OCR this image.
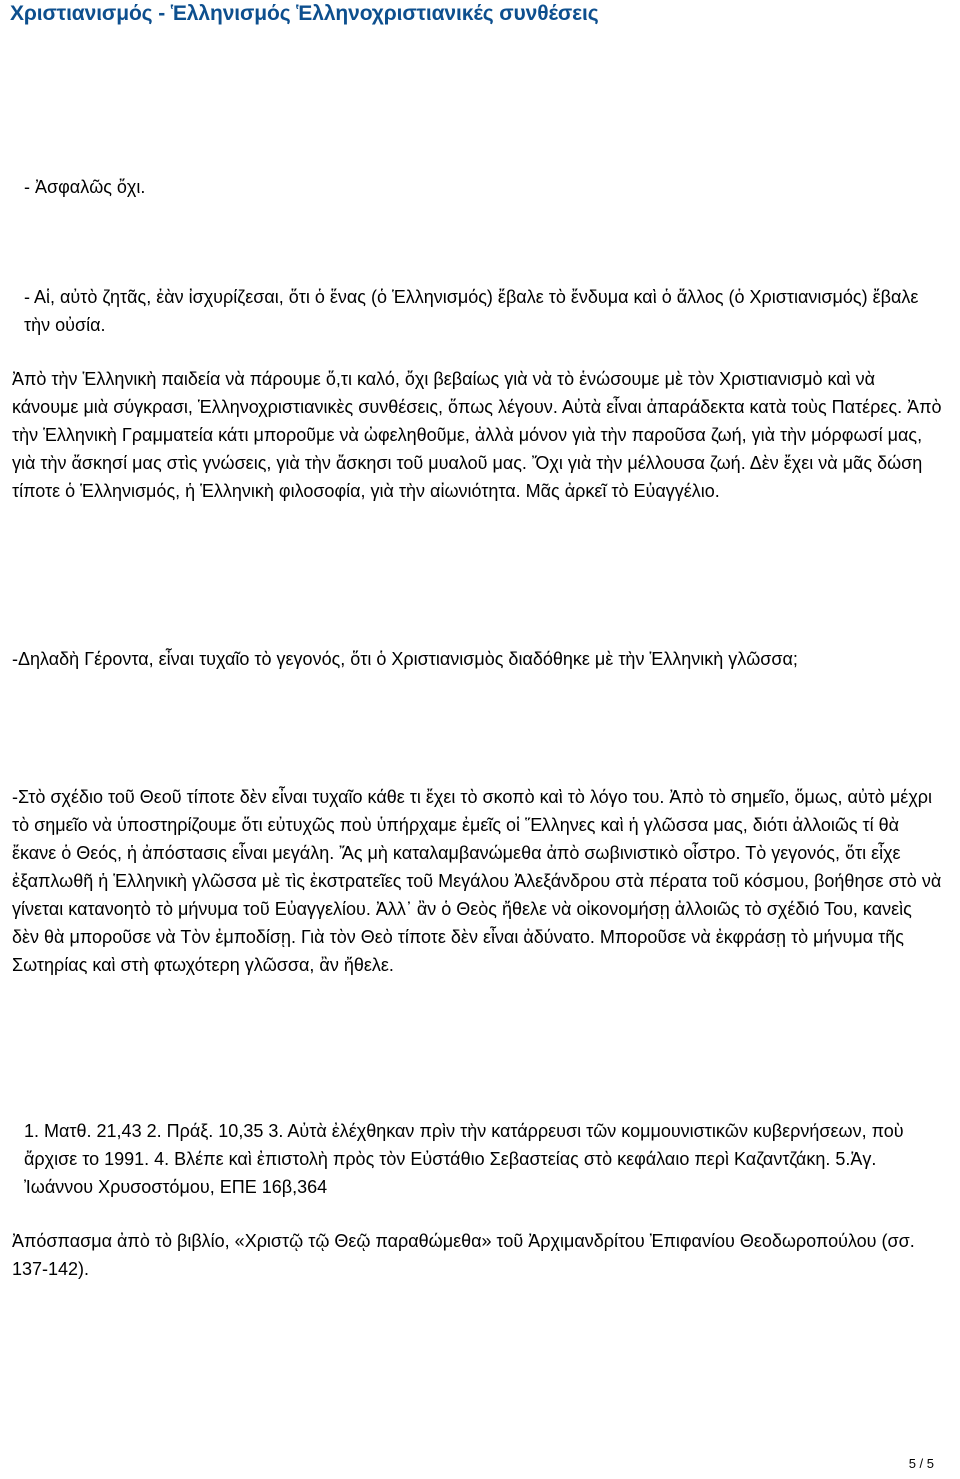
Χριστιανισμός - Ἑλληνισμός Ἑλληνοχριστιανικές συνθέσεις

- Ἀσφαλῶς ὄχι.

- Αἱ, αὐτὸ ζητᾶς, ἐὰν ἰσχυρίζεσαι, ὅτι ὁ ἕνας (ὁ Ἑλληνισμός) ἔβαλε τὸ ἔνδυμα καὶ ὁ ἄλλος (ὁ Χριστιανισμός) ἔβαλε τὴν οὐσία.

Ἀπὸ τὴν Ἑλληνικὴ παιδεία νὰ πάρουμε ὅ,τι καλό, ὄχι βεβαίως γιὰ νὰ τὸ ἑνώσουμε μὲ τὸν Χριστιανισμὸ καὶ νὰ κάνουμε μιὰ σύγκρασι, Ἑλληνοχριστιανικὲς συνθέσεις, ὅπως λέγουν. Αὐτὰ εἶναι ἀπαράδεκτα κατὰ τοὺς Πατέρες. Ἀπὸ τὴν Ἑλληνικὴ Γραμματεία κάτι μποροῦμε νὰ ὠφεληθοῦμε, ἀλλὰ μόνον γιὰ τὴν παροῦσα ζωή, γιὰ τὴν μόρφωσί μας, γιὰ τὴν ἄσκησί μας στὶς γνώσεις, γιὰ τὴν ἄσκησι τοῦ μυαλοῦ μας. Ὄχι γιὰ τὴν μέλλουσα ζωή. Δὲν ἔχει νὰ μᾶς δώση τίποτε ὁ Ἑλληνισμός, ἡ Ἑλληνικὴ φιλοσοφία, γιὰ τὴν αἰωνιότητα. Μᾶς ἀρκεῖ τὸ Εὐαγγέλιο.

-Δηλαδὴ Γέροντα, εἶναι τυχαῖο τὸ γεγονός, ὅτι ὁ Χριστιανισμὸς διαδόθηκε μὲ τὴν Ἑλληνικὴ γλῶσσα;

-Στὸ σχέδιο τοῦ Θεοῦ τίποτε δὲν εἶναι τυχαῖο κάθε τι ἔχει τὸ σκοπὸ καὶ τὸ λόγο του. Ἀπὸ τὸ σημεῖο, ὅμως, αὐτὸ μέχρι τὸ σημεῖο νὰ ὑποστηρίζουμε ὅτι εὐτυχῶς ποὺ ὑπήρχαμε ἐμεῖς οἱ Ἕλληνες καὶ ἡ γλῶσσα μας, διότι ἀλλοιῶς τί θὰ ἔκανε ὁ Θεός, ἡ ἀπόστασις εἶναι μεγάλη. Ἄς μὴ καταλαμβανώμεθα ἀπὸ σωβινιστικὸ οἶστρο. Τὸ γεγονός, ὅτι εἶχε ἐξαπλωθῆ ἡ Ἑλληνικὴ γλῶσσα μὲ τὶς ἐκστρατεῖες τοῦ Μεγάλου Ἀλεξάνδρου στὰ πέρατα τοῦ κόσμου, βοήθησε στὸ νὰ γίνεται κατανοητὸ τὸ μήνυμα τοῦ Εὐαγγελίου. Ἀλλ᾽ ἂν ὁ Θεὸς ἤθελε νὰ οἰκονομήσῃ ἀλλοιῶς τὸ σχέδιό Του, κανεὶς δὲν θὰ μποροῦσε νὰ Τὸν ἐμποδίσῃ. Γιὰ τὸν Θεὸ τίποτε δὲν εἶναι ἀδύνατο. Μποροῦσε νὰ ἐκφράσῃ τὸ μήνυμα τῆς Σωτηρίας καὶ στὴ φτωχότερη γλῶσσα, ἂν ἤθελε.

1. Ματθ. 21,43 2. Πράξ. 10,35 3. Αὐτὰ ἐλέχθηκαν πρὶν τὴν κατάρρευσι τῶν κομμουνιστικῶν κυβερνήσεων, ποὺ ἄρχισε το 1991. 4. Βλέπε καὶ ἐπιστολὴ πρὸς τὸν Εὐστάθιο Σεβαστείας στὸ κεφάλαιο περὶ Καζαντζάκη. 5.Ἁγ. Ἰωάννου Χρυσοστόμου, ΕΠΕ 16β,364

Ἀπόσπασμα ἀπὸ τὸ βιβλίο, «Χριστῷ τῷ Θεῷ παραθώμεθα» τοῦ Ἀρχιμανδρίτου Ἐπιφανίου Θεοδωροπούλου (σσ. 137-142).

5 / 5
